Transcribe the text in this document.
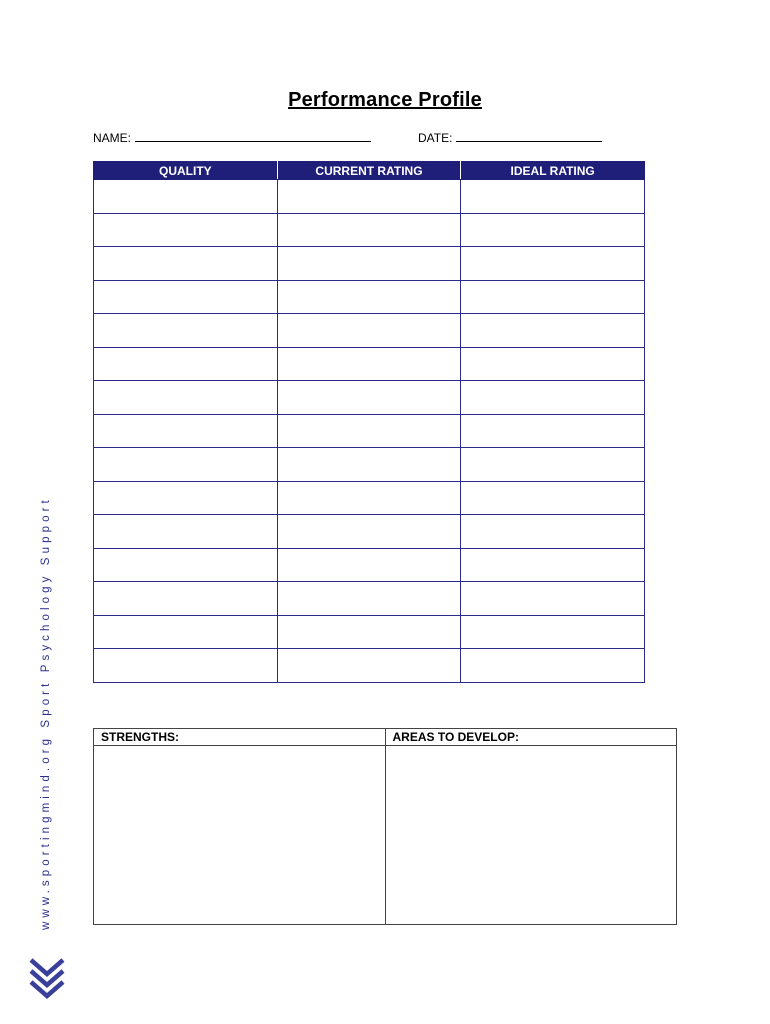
Performance Profile
NAME:	DATE:
QUALITY	CURRENT RATING	IDEAL RATING

STRENGTHS:	AREAS TO DEVELOP:

www.sportingmind.org Sport Psychology Support
